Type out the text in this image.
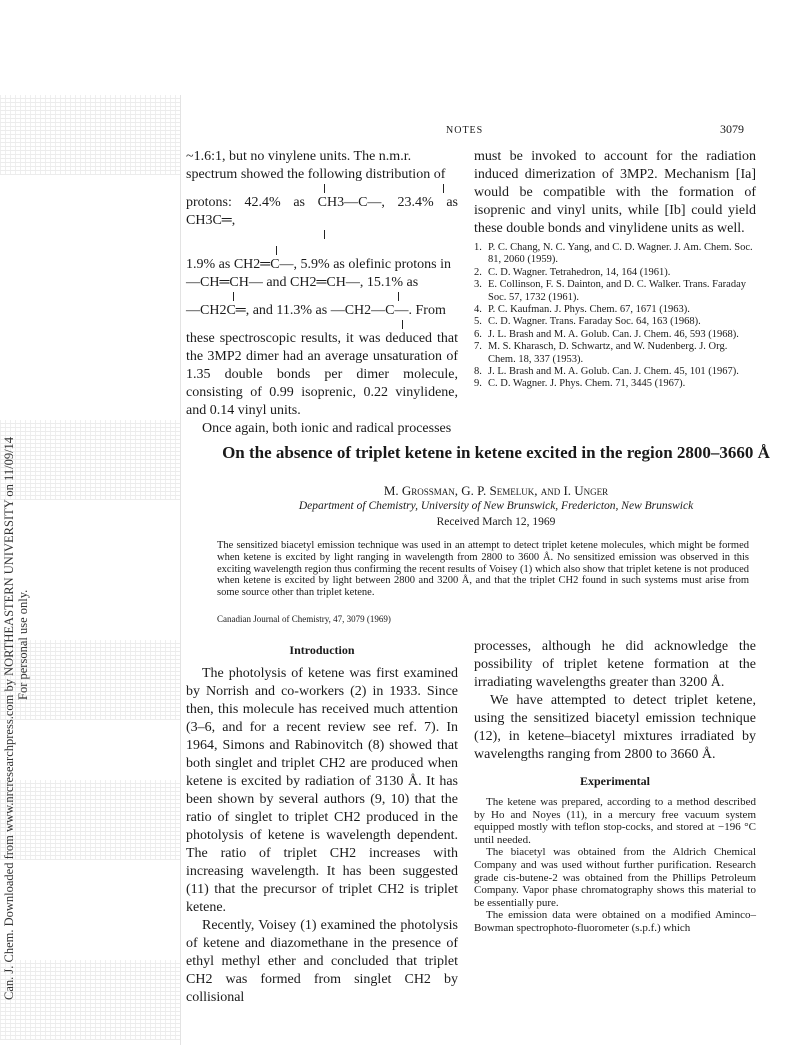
Can. J. Chem. Downloaded from www.nrcresearchpress.com by NORTHEASTERN UNIVERSITY on 11/09/14 For personal use only.
NOTES	3079

~1.6:1, but no vinylene units. The n.m.r.

spectrum showed the following distribution of

protons: 42.4% as CH3—C—, 23.4% as CH3C═,

1.9% as CH2═C—, 5.9% as olefinic protons in

—CH═CH— and CH2═CH—, 15.1% as

—CH2C═, and 11.3% as —CH2—C—. From

these spectroscopic results, it was deduced that the 3MP2 dimer had an average unsaturation of 1.35 double bonds per dimer molecule, consisting of 0.99 isoprenic, 0.22 vinylidene, and 0.14 vinyl units.

Once again, both ionic and radical processes

must be invoked to account for the radiation induced dimerization of 3MP2. Mechanism [Ia] would be compatible with the formation of isoprenic and vinyl units, while [Ib] could yield these double bonds and vinylidene units as well.

1. P. C. Chang, N. C. Yang, and C. D. Wagner. J. Am. Chem. Soc. 81, 2060 (1959).
2. C. D. Wagner. Tetrahedron, 14, 164 (1961).
3. E. Collinson, F. S. Dainton, and D. C. Walker. Trans. Faraday Soc. 57, 1732 (1961).
4. P. C. Kaufman. J. Phys. Chem. 67, 1671 (1963).
5. C. D. Wagner. Trans. Faraday Soc. 64, 163 (1968).
6. J. L. Brash and M. A. Golub. Can. J. Chem. 46, 593 (1968).
7. M. S. Kharasch, D. Schwartz, and W. Nudenberg. J. Org. Chem. 18, 337 (1953).
8. J. L. Brash and M. A. Golub. Can. J. Chem. 45, 101 (1967).
9. C. D. Wagner. J. Phys. Chem. 71, 3445 (1967).
On the absence of triplet ketene in ketene excited in the region 2800–3660 Å
M. Grossman, G. P. Semeluk, and I. Unger
Department of Chemistry, University of New Brunswick, Fredericton, New Brunswick
Received March 12, 1969
The sensitized biacetyl emission technique was used in an attempt to detect triplet ketene molecules, which might be formed when ketene is excited by light ranging in wavelength from 2800 to 3600 Å. No sensitized emission was observed in this exciting wavelength region thus confirming the recent results of Voisey (1) which also show that triplet ketene is not produced when ketene is excited by light between 2800 and 3200 Å, and that the triplet CH2 found in such systems must arise from some source other than triplet ketene.
Canadian Journal of Chemistry, 47, 3079 (1969)
Introduction

The photolysis of ketene was first examined by Norrish and co-workers (2) in 1933. Since then, this molecule has received much attention (3–6, and for a recent review see ref. 7). In 1964, Simons and Rabinovitch (8) showed that both singlet and triplet CH2 are produced when ketene is excited by radiation of 3130 Å. It has been shown by several authors (9, 10) that the ratio of singlet to triplet CH2 produced in the photolysis of ketene is wavelength dependent. The ratio of triplet CH2 increases with increasing wavelength. It has been suggested (11) that the precursor of triplet CH2 is triplet ketene.

Recently, Voisey (1) examined the photolysis of ketene and diazomethane in the presence of ethyl methyl ether and concluded that triplet CH2 was formed from singlet CH2 by collisional

processes, although he did acknowledge the possibility of triplet ketene formation at the irradiating wavelengths greater than 3200 Å.

We have attempted to detect triplet ketene, using the sensitized biacetyl emission technique (12), in ketene–biacetyl mixtures irradiated by wavelengths ranging from 2800 to 3660 Å.

Experimental

The ketene was prepared, according to a method described by Ho and Noyes (11), in a mercury free vacuum system equipped mostly with teflon stop-cocks, and stored at −196 °C until needed.

The biacetyl was obtained from the Aldrich Chemical Company and was used without further purification. Research grade cis-butene-2 was obtained from the Phillips Petroleum Company. Vapor phase chromatography shows this material to be essentially pure.

The emission data were obtained on a modified Aminco–Bowman spectrophoto-fluorometer (s.p.f.) which
